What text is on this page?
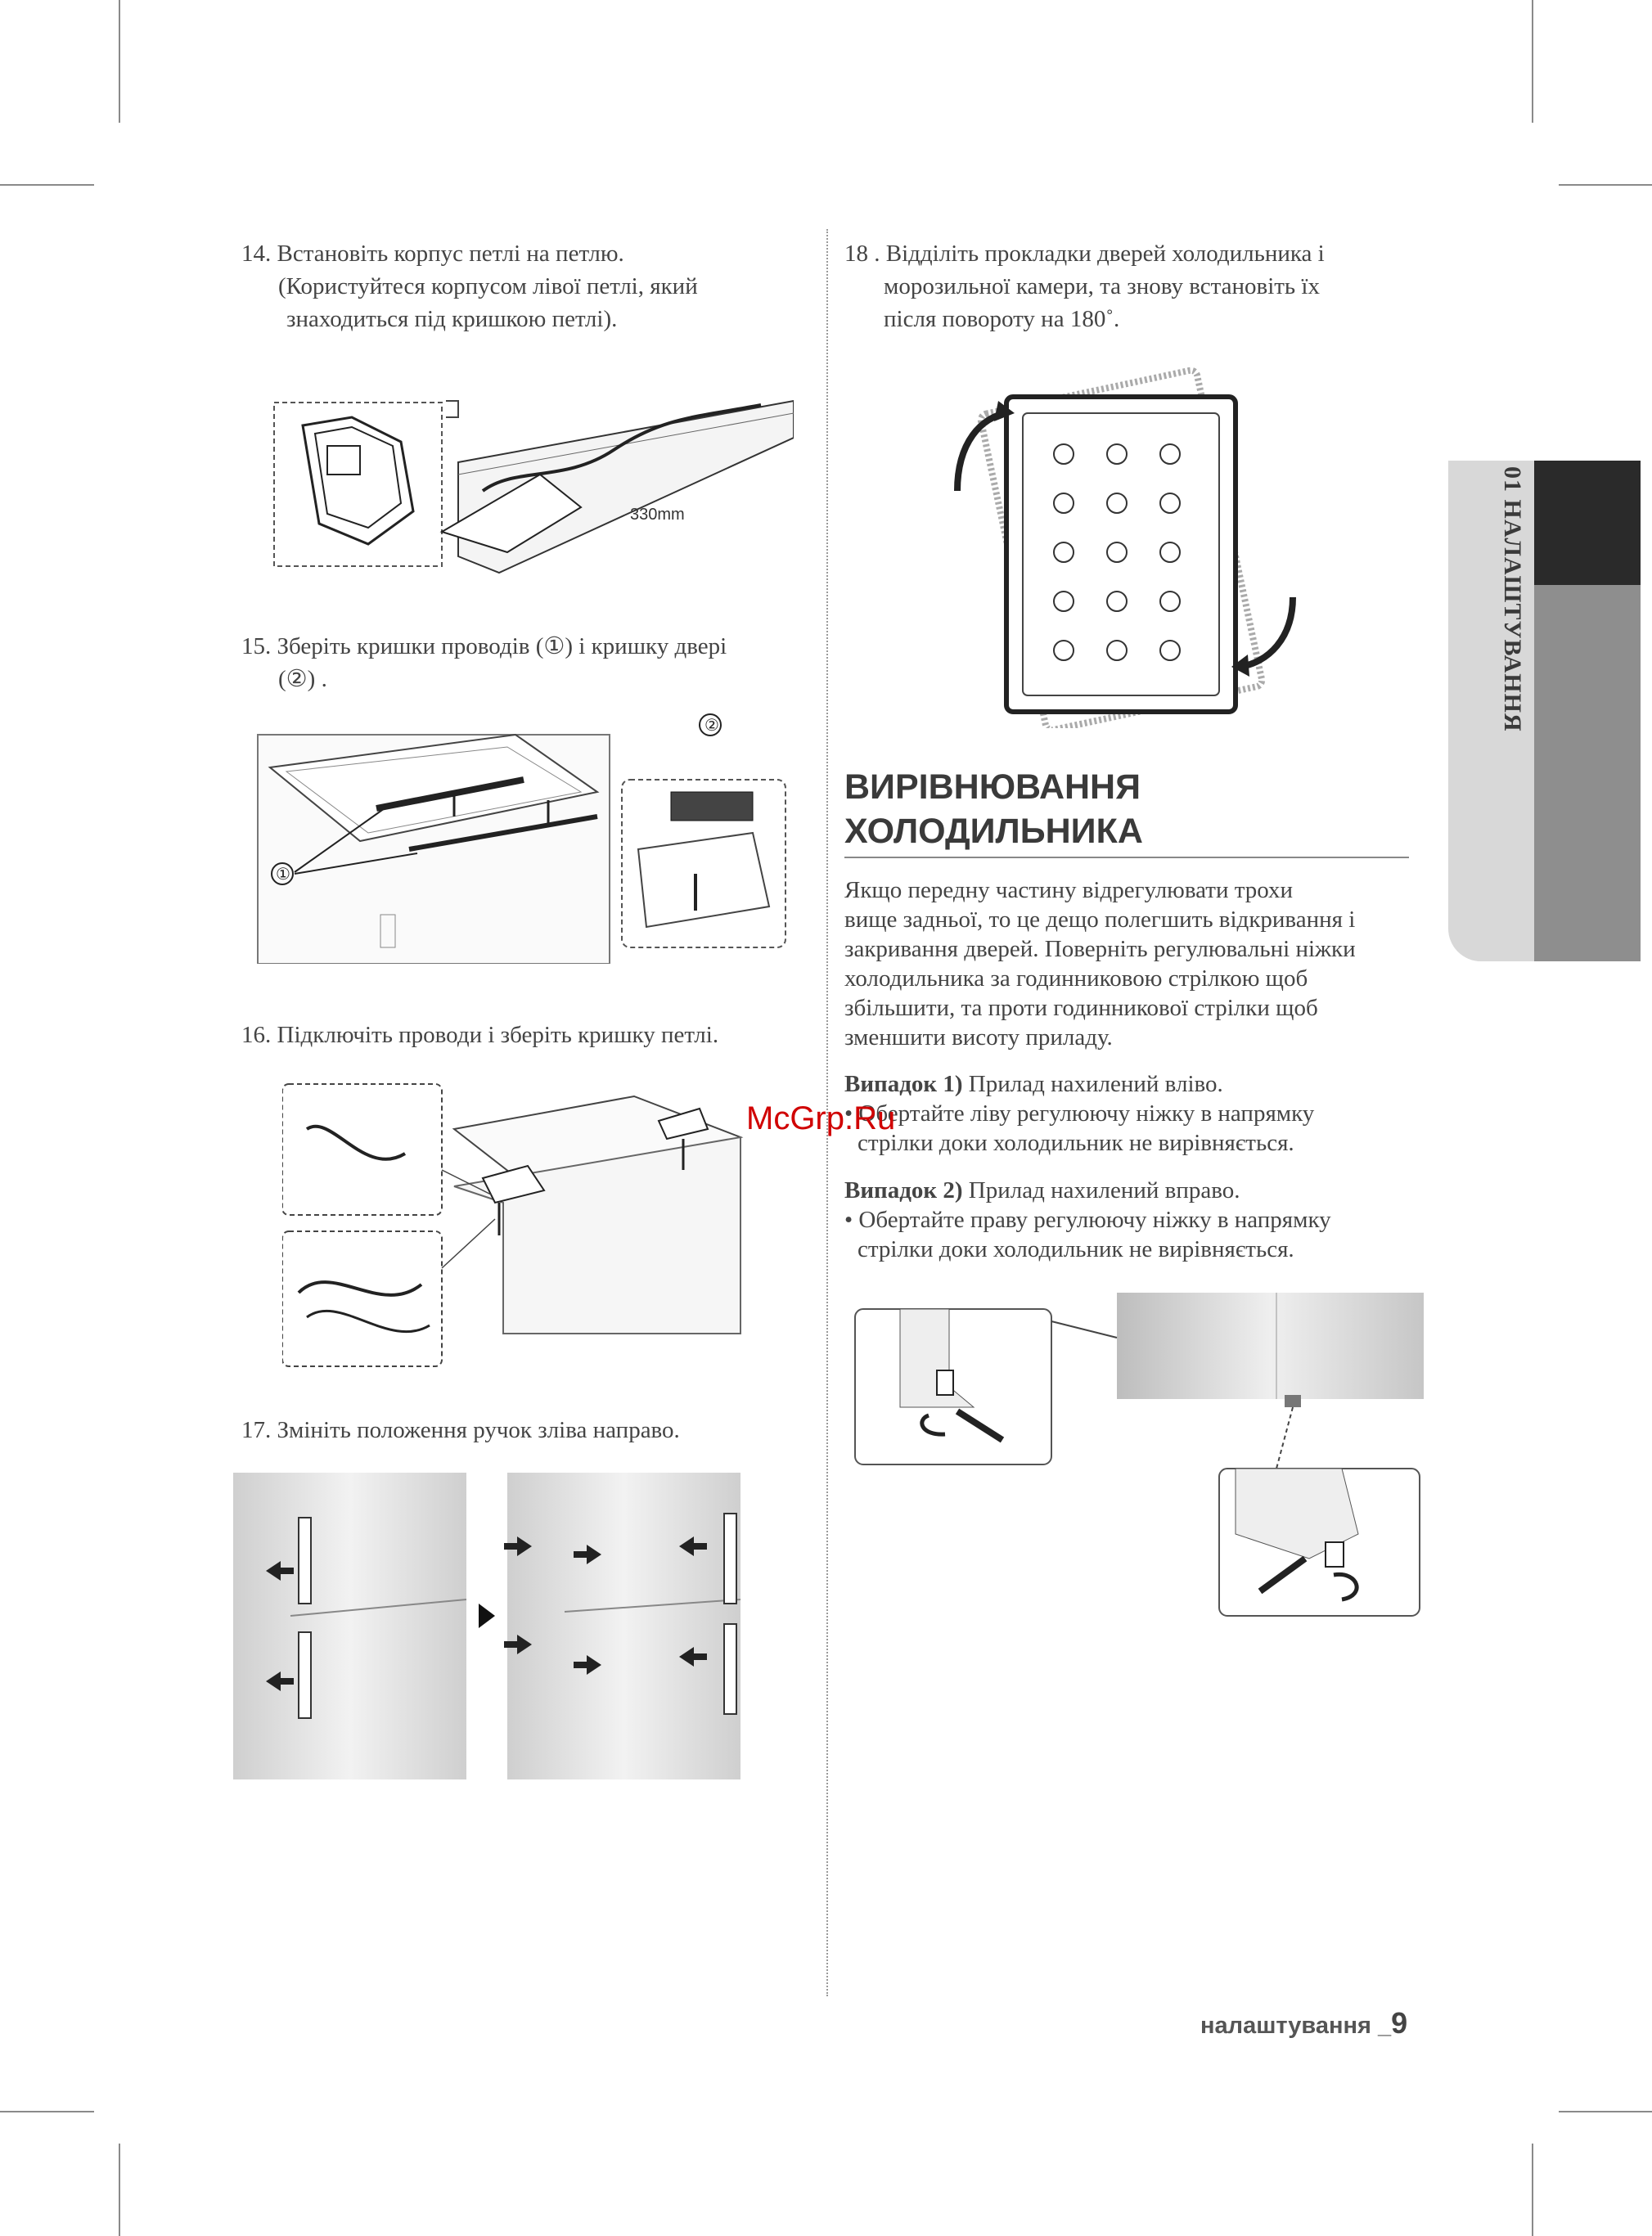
14. Встановіть корпус петлі на петлю.
(Користуйтеся корпусом лівої петлі, який
знаходиться під кришкою петлі).
330mm
15. Зберіть кришки проводів (①) і кришку двері
(②) .
②
①
16. Підключіть проводи і зберіть кришку петлі.
17. Змініть положення ручок зліва направо.
18 . Відділіть прокладки дверей холодильника і
морозильної камери, та знову встановіть їх
після повороту на 180˚.
01 НАЛАШТУВАННЯ
ВИРІВНЮВАННЯ
ХОЛОДИЛЬНИКА
Якщо передну частину відрегулювати трохи
вище задньої, то це дещо полегшить відкривання і
закривання дверей. Поверніть регулювальні ніжки
холодильника за годинниковою стрілкою щоб
збільшити, та проти годинникової стрілки щоб
зменшити висоту приладу.
Випадок 1) Прилад нахилений вліво.
• Обертайте ліву регулюючу ніжку в напрямку
стрілки доки холодильник не вирівняється.
Випадок 2) Прилад нахилений вправо.
• Обертайте праву регулюючу ніжку в напрямку
стрілки доки холодильник не вирівняється.
McGrp.Ru
налаштування _9
